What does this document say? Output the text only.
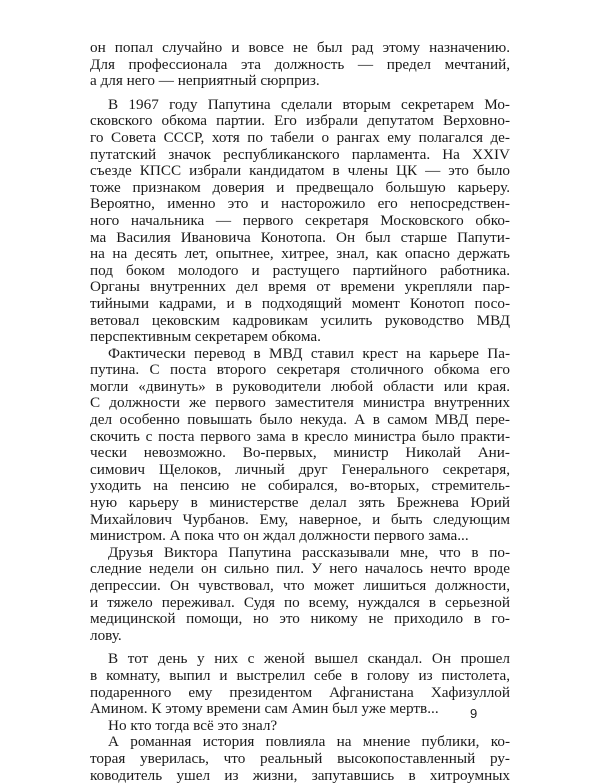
он попал случайно и вовсе не был рад этому назначению.
Для профессионала эта должность — предел мечтаний,
а для него — неприятный сюрприз.

В 1967 году Папутина сделали вторым секретарем Мо-
сковского обкома партии. Его избрали депутатом Верховно-
го Совета СССР, хотя по табели о рангах ему полагался де-
путатский значок республиканского парламента. На XXIV
съезде КПСС избрали кандидатом в члены ЦК — это было
тоже признаком доверия и предвещало большую карьеру.
Вероятно, именно это и насторожило его непосредствен-
ного начальника — первого секретаря Московского обко-
ма Василия Ивановича Конотопа. Он был старше Папути-
на на десять лет, опытнее, хитрее, знал, как опасно держать
под боком молодого и растущего партийного работника.
Органы внутренних дел время от времени укрепляли пар-
тийными кадрами, и в подходящий момент Конотоп посо-
ветовал цековским кадровикам усилить руководство МВД
перспективным секретарем обкома.

Фактически перевод в МВД ставил крест на карьере Па-
путина. С поста второго секретаря столичного обкома его
могли «двинуть» в руководители любой области или края.
С должности же первого заместителя министра внутренних
дел особенно повышать было некуда. А в самом МВД пере-
скочить с поста первого зама в кресло министра было практи-
чески невозможно. Во-первых, министр Николай Ани-
симович Щелоков, личный друг Генерального секретаря,
уходить на пенсию не собирался, во-вторых, стремитель-
ную карьеру в министерстве делал зять Брежнева Юрий
Михайлович Чурбанов. Ему, наверное, и быть следующим
министром. А пока что он ждал должности первого зама...

Друзья Виктора Папутина рассказывали мне, что в по-
следние недели он сильно пил. У него началось нечто вроде
депрессии. Он чувствовал, что может лишиться должности,
и тяжело переживал. Судя по всему, нуждался в серьезной
медицинской помощи, но это никому не приходило в го-
лову.

В тот день у них с женой вышел скандал. Он прошел
в комнату, выпил и выстрелил себе в голову из пистолета,
подаренного ему президентом Афганистана Хафизуллой
Амином. К этому времени сам Амин был уже мертв...

Но кто тогда всё это знал?

А романная история повлияла на мнение публики, ко-
торая уверилась, что реальный высокопоставленный ру-
ководитель ушел из жизни, запутавшись в хитроумных

9
